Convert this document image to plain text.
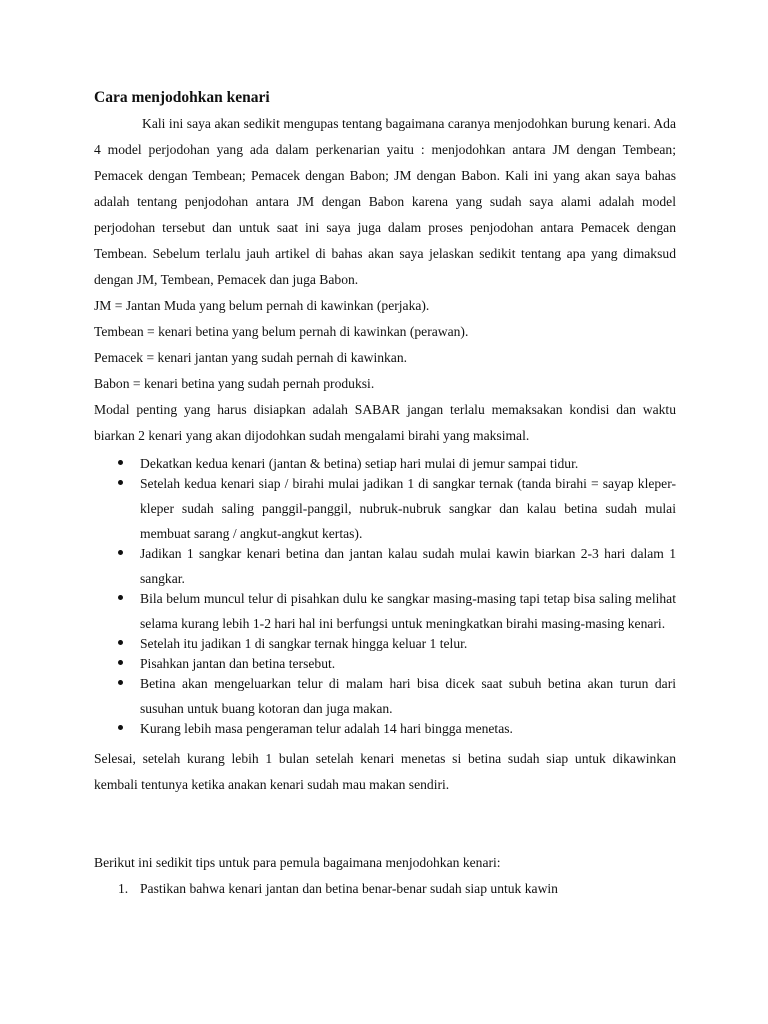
Cara menjodohkan kenari

Kali ini saya akan sedikit mengupas tentang bagaimana caranya menjodohkan burung kenari. Ada 4 model perjodohan yang ada dalam perkenarian yaitu : menjodohkan antara JM dengan Tembean; Pemacek dengan Tembean; Pemacek dengan Babon; JM dengan Babon. Kali ini yang akan saya bahas adalah tentang penjodohan antara JM dengan Babon karena yang sudah saya alami adalah model perjodohan tersebut dan untuk saat ini saya juga dalam proses penjodohan antara Pemacek dengan Tembean. Sebelum terlalu jauh artikel di bahas akan saya jelaskan sedikit tentang apa yang dimaksud dengan JM, Tembean, Pemacek dan juga Babon.

JM = Jantan Muda yang belum pernah di kawinkan (perjaka).

Tembean = kenari betina yang belum pernah di kawinkan (perawan).

Pemacek = kenari jantan yang sudah pernah di kawinkan.

Babon = kenari betina yang sudah pernah produksi.

Modal penting yang harus disiapkan adalah SABAR jangan terlalu memaksakan kondisi dan waktu biarkan 2 kenari yang akan dijodohkan sudah mengalami birahi yang maksimal.

Dekatkan kedua kenari (jantan & betina) setiap hari mulai di jemur sampai tidur.
Setelah kedua kenari siap / birahi mulai jadikan 1 di sangkar ternak (tanda birahi = sayap kleper-kleper sudah saling panggil-panggil, nubruk-nubruk sangkar dan kalau betina sudah mulai membuat sarang / angkut-angkut kertas).
Jadikan 1 sangkar kenari betina dan jantan kalau sudah mulai kawin biarkan 2-3 hari dalam 1 sangkar.
Bila belum muncul telur di pisahkan dulu ke sangkar masing-masing tapi tetap bisa saling melihat selama kurang lebih 1-2 hari hal ini berfungsi untuk meningkatkan birahi masing-masing kenari.
Setelah itu jadikan 1 di sangkar ternak hingga keluar 1 telur.
Pisahkan jantan dan betina tersebut.
Betina akan mengeluarkan telur di malam hari bisa dicek saat subuh betina akan turun dari susuhan untuk buang kotoran dan juga makan.
Kurang lebih masa pengeraman telur adalah 14 hari bingga menetas.

Selesai, setelah kurang lebih 1 bulan setelah kenari menetas si betina sudah siap untuk dikawinkan kembali tentunya ketika anakan kenari sudah mau makan sendiri.

Berikut ini sedikit tips untuk para pemula bagaimana menjodohkan kenari:

1. Pastikan bahwa kenari jantan dan betina benar-benar sudah siap untuk kawin
